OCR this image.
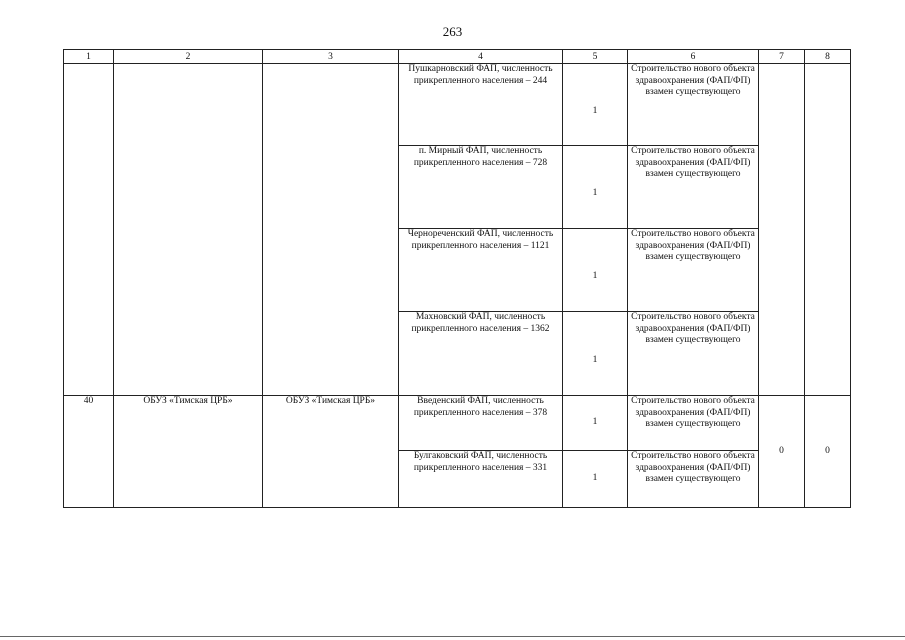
263
1	2	3	4	5	6	7	8
			Пушкарновский ФАП, численность прикрепленного населения – 244	1	Строительство нового объекта здравоохранения (ФАП/ФП) взамен существующего		
			п. Мирный ФАП, численность прикрепленного населения – 728	1	Строительство нового объекта здравоохранения (ФАП/ФП) взамен существующего		
			Чернореченский ФАП, численность прикрепленного населения – 1121	1	Строительство нового объекта здравоохранения (ФАП/ФП) взамен существующего		
			Махновский ФАП, численность прикрепленного населения – 1362	1	Строительство нового объекта здравоохранения (ФАП/ФП) взамен существующего		
40	ОБУЗ «Тимская ЦРБ»	ОБУЗ «Тимская ЦРБ»	Введенский ФАП, численность прикрепленного населения – 378	1	Строительство нового объекта здравоохранения (ФАП/ФП) взамен существующего	0	0
			Булгаковский ФАП, численность прикрепленного населения – 331	1	Строительство нового объекта здравоохранения (ФАП/ФП) взамен существующего		
